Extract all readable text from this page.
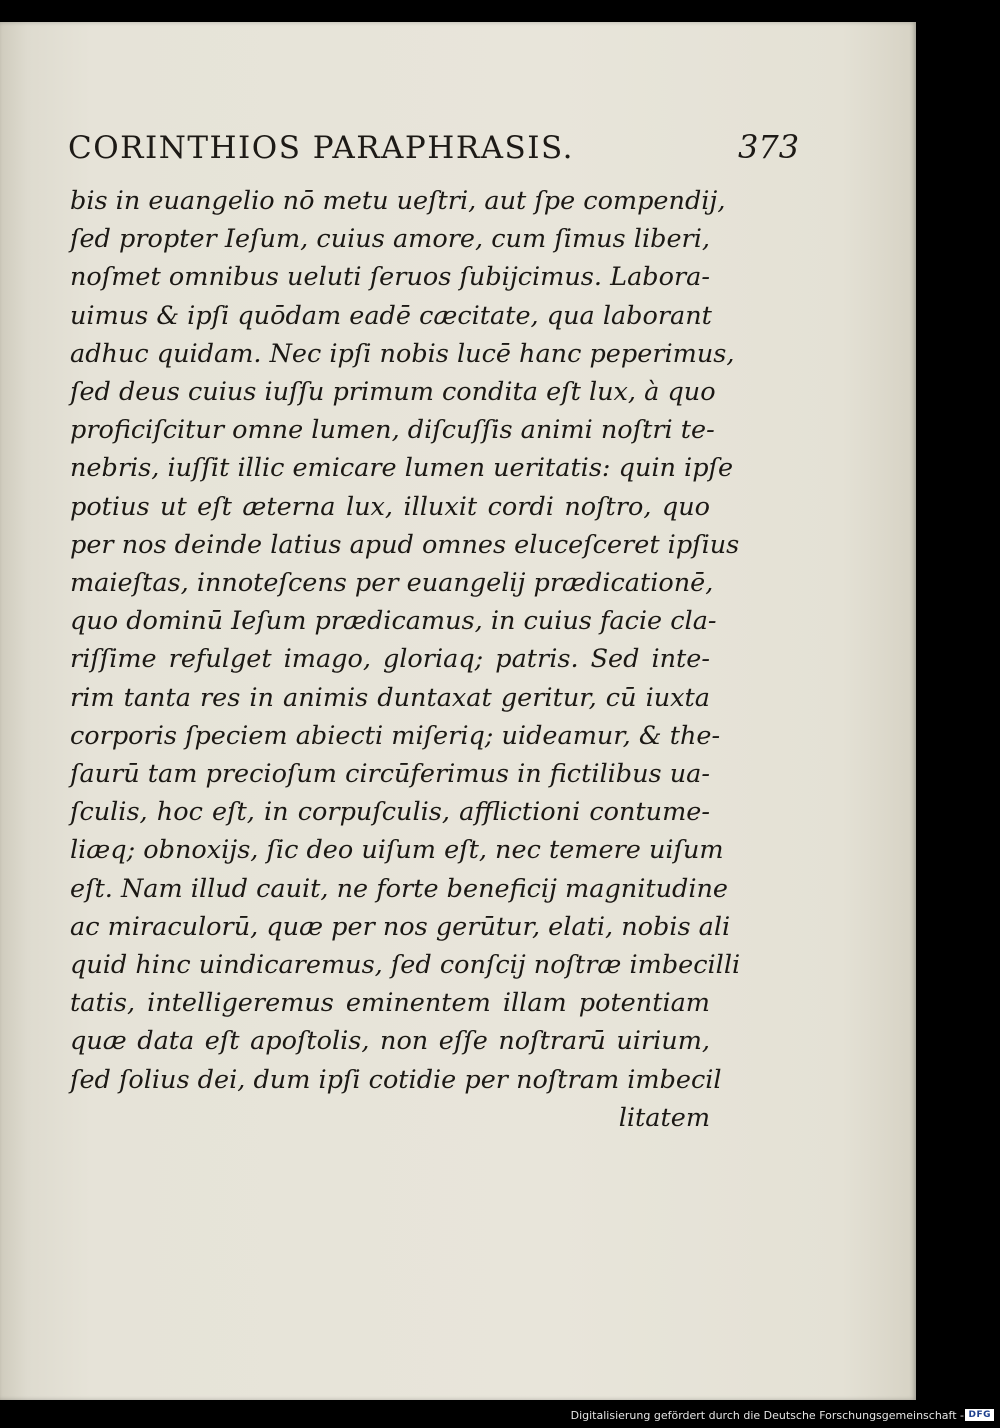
CORINTHIOS PARAPHRASIS.	373
bis in euangelio nō metu ueſtri, aut ſpe compendij,
ſed propter Ieſum, cuius amore, cum ſimus liberi,
noſmet omnibus ueluti ſeruos ſubijcimus. Labora-
uimus & ipſi quōdam eadē cæcitate, qua laborant
adhuc quidam. Nec ipſi nobis lucē hanc peperimus,
ſed deus cuius iuſſu primum condita eſt lux, à quo
proficiſcitur omne lumen, diſcuſſis animi noſtri te-
nebris, iuſſit illic emicare lumen ueritatis: quin ipſe
potius ut eſt æterna lux, illuxit cordi noſtro, quo
per nos deinde latius apud omnes eluceſceret ipſius
maieſtas, innoteſcens per euangelij prædicationē,
quo dominū Ieſum prædicamus, in cuius facie cla-
riſſime refulget imago, gloriaq; patris. Sed inte-
rim tanta res in animis duntaxat geritur, cū iuxta
corporis ſpeciem abiecti miſeriq; uideamur, & the-
ſaurū tam precioſum circūferimus in fictilibus ua-
ſculis, hoc eſt, in corpuſculis, afflictioni contume-
liæq; obnoxijs, ſic deo uiſum eſt, nec temere uiſum
eſt. Nam illud cauit, ne forte beneficij magnitudine
ac miraculorū, quæ per nos gerūtur, elati, nobis ali
quid hinc uindicaremus, ſed conſcij noſtræ imbecilli
tatis, intelligeremus eminentem illam potentiam
quæ data eſt apoſtolis, non eſſe noſtrarū uirium,
ſed ſolius dei, dum ipſi cotidie per noſtram imbecil
litatem
Digitalisierung gefördert durch die Deutsche Forschungsgemeinschaft - DFG
